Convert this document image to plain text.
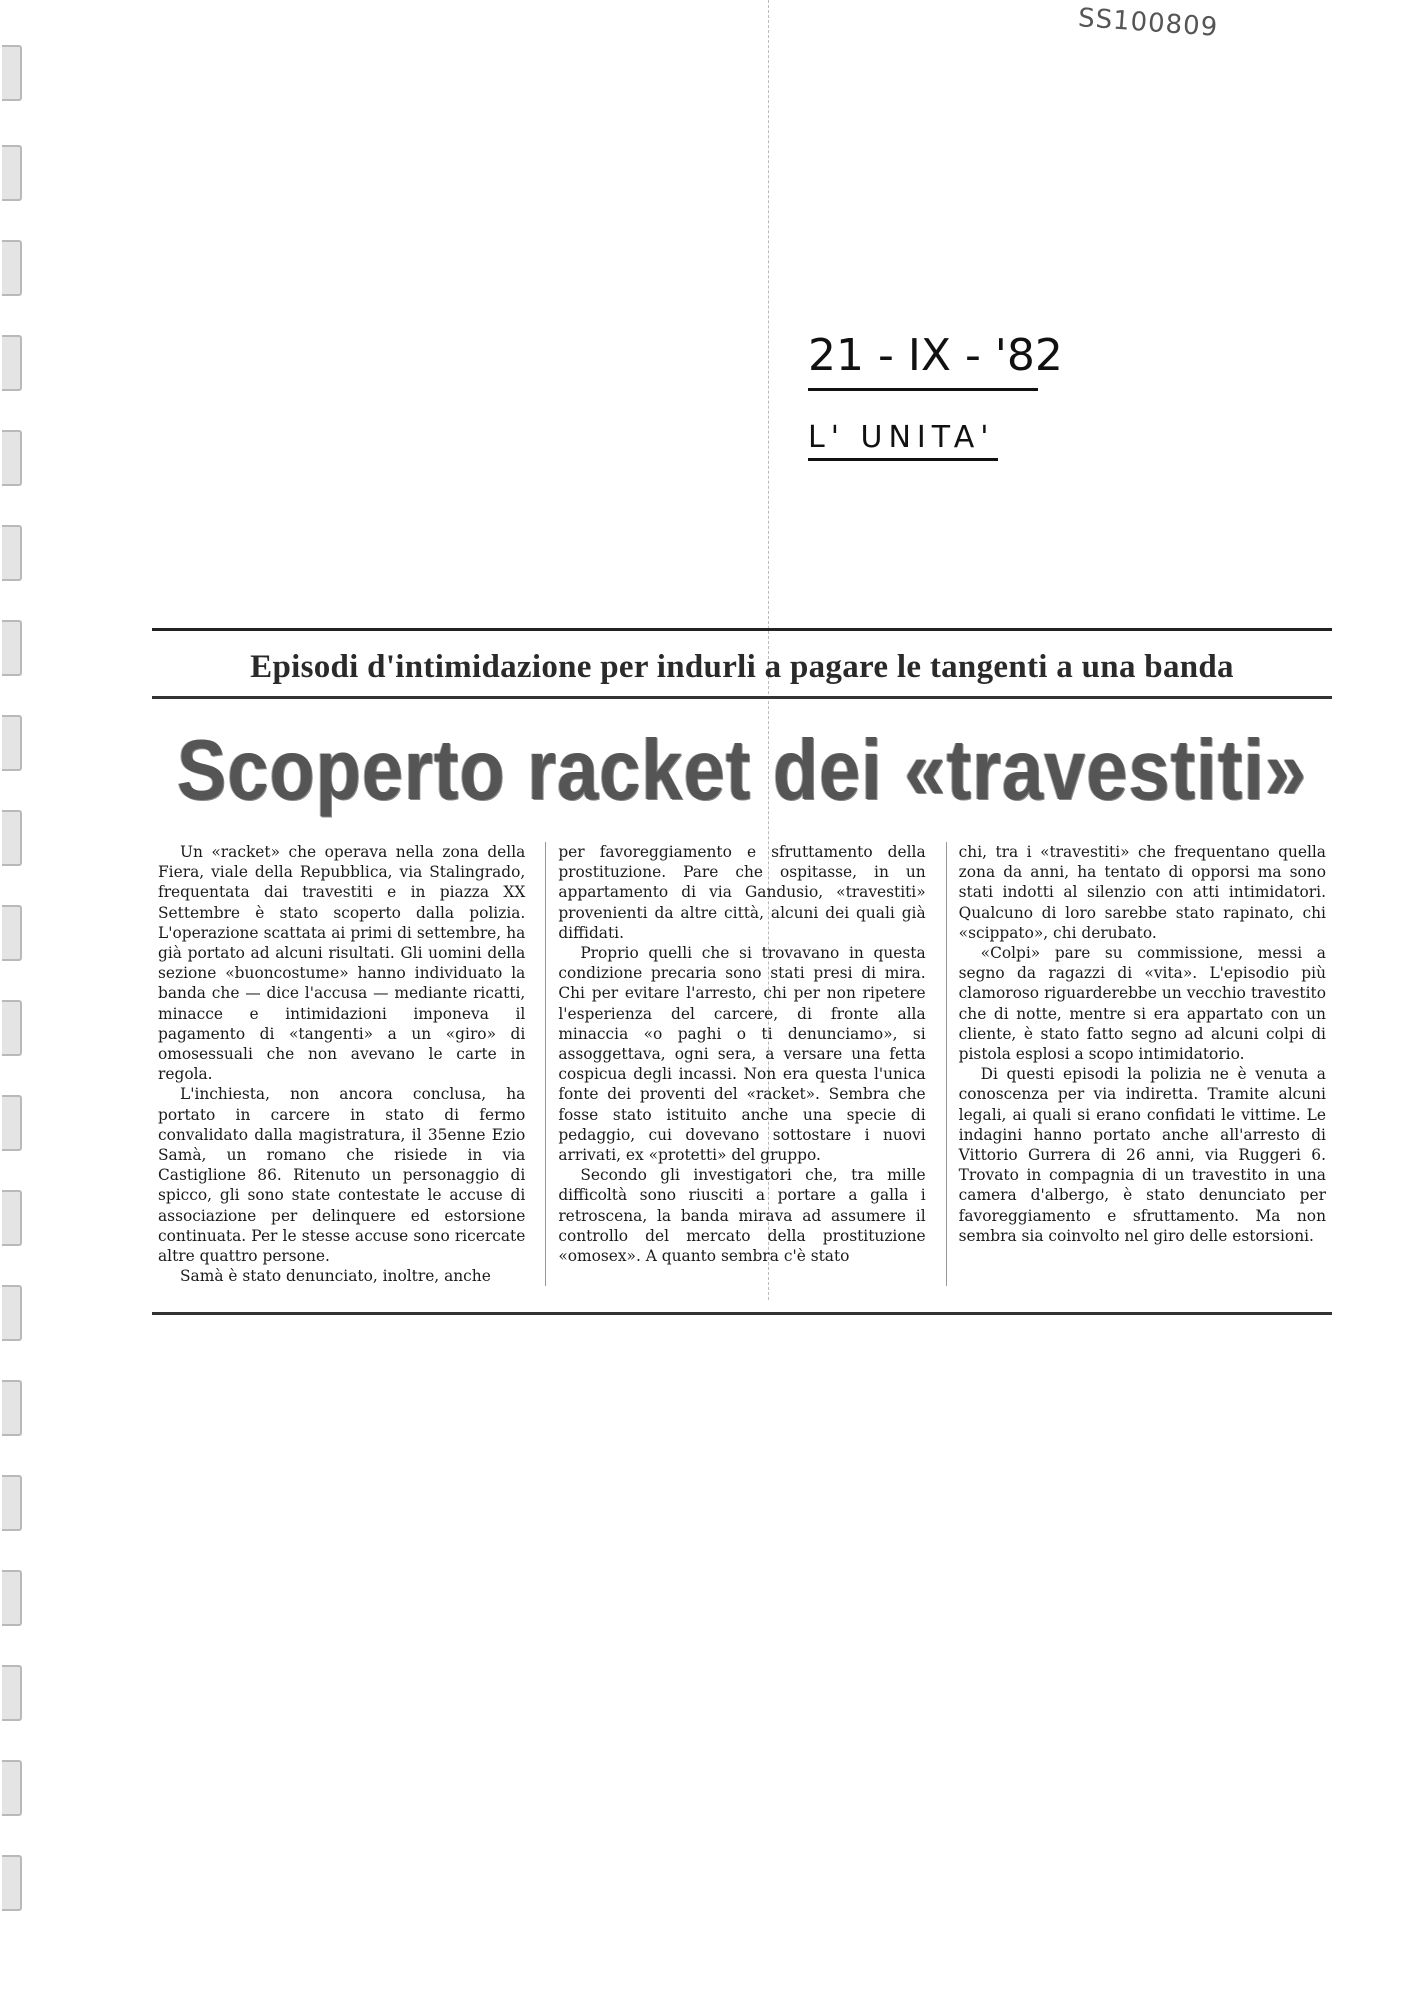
SS100809
21 - IX - '82
L' UNITA'
Episodi d'intimidazione per indurli a pagare le tangenti a una banda
Scoperto racket dei «travestiti»

Un «racket» che operava nella zona della Fiera, viale della Repubblica, via Stalingrado, frequentata dai travestiti e in piazza XX Settembre è stato scoperto dalla polizia. L'operazione scattata ai primi di settembre, ha già portato ad alcuni risultati. Gli uomini della sezione «buoncostume» hanno individuato la banda che — dice l'accusa — mediante ricatti, minacce e intimidazioni imponeva il pagamento di «tangenti» a un «giro» di omosessuali che non avevano le carte in regola.

L'inchiesta, non ancora conclusa, ha portato in carcere in stato di fermo convalidato dalla magistratura, il 35enne Ezio Samà, un romano che risiede in via Castiglione 86. Ritenuto un personaggio di spicco, gli sono state contestate le accuse di associazione per delinquere ed estorsione continuata. Per le stesse accuse sono ricercate altre quattro persone.

Samà è stato denunciato, inoltre, anche

per favoreggiamento e sfruttamento della prostituzione. Pare che ospitasse, in un appartamento di via Gandusio, «travestiti» provenienti da altre città, alcuni dei quali già diffidati.

Proprio quelli che si trovavano in questa condizione precaria sono stati presi di mira. Chi per evitare l'arresto, chi per non ripetere l'esperienza del carcere, di fronte alla minaccia «o paghi o ti denunciamo», si assoggettava, ogni sera, a versare una fetta cospicua degli incassi. Non era questa l'unica fonte dei proventi del «racket». Sembra che fosse stato istituito anche una specie di pedaggio, cui dovevano sottostare i nuovi arrivati, ex «protetti» del gruppo.

Secondo gli investigatori che, tra mille difficoltà sono riusciti a portare a galla i retroscena, la banda mirava ad assumere il controllo del mercato della prostituzione «omosex». A quanto sembra c'è stato

chi, tra i «travestiti» che frequentano quella zona da anni, ha tentato di opporsi ma sono stati indotti al silenzio con atti intimidatori. Qualcuno di loro sarebbe stato rapinato, chi «scippato», chi derubato.

«Colpi» pare su commissione, messi a segno da ragazzi di «vita». L'episodio più clamoroso riguarderebbe un vecchio travestito che di notte, mentre si era appartato con un cliente, è stato fatto segno ad alcuni colpi di pistola esplosi a scopo intimidatorio.

Di questi episodi la polizia ne è venuta a conoscenza per via indiretta. Tramite alcuni legali, ai quali si erano confidati le vittime. Le indagini hanno portato anche all'arresto di Vittorio Gurrera di 26 anni, via Ruggeri 6. Trovato in compagnia di un travestito in una camera d'albergo, è stato denunciato per favoreggiamento e sfruttamento. Ma non sembra sia coinvolto nel giro delle estorsioni.
